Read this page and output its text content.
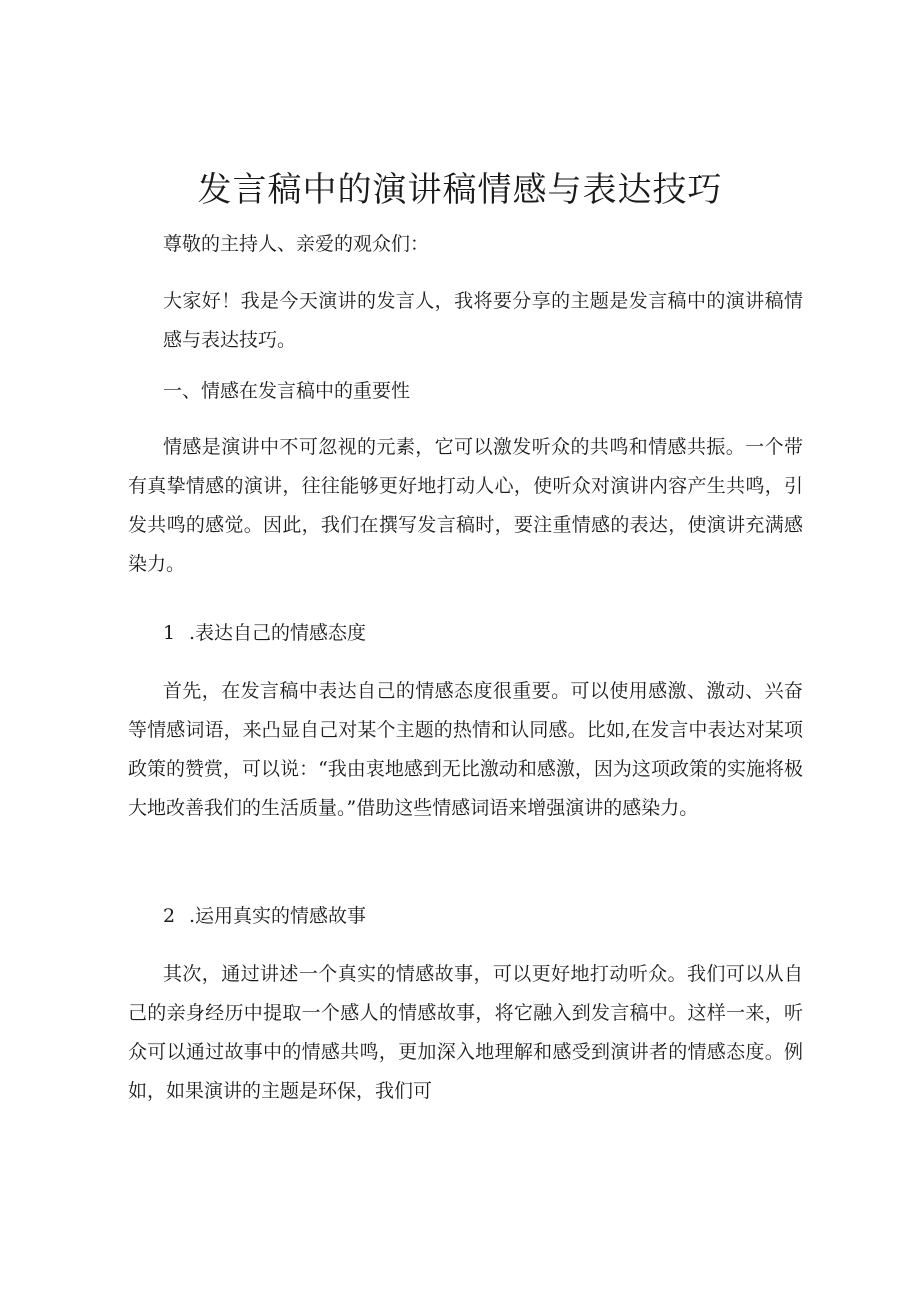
发言稿中的演讲稿情感与表达技巧

尊敬的主持人、亲爱的观众们：

大家好！我是今天演讲的发言人，我将要分享的主题是发言稿中的演讲稿情感与表达技巧。

一、情感在发言稿中的重要性

情感是演讲中不可忽视的元素，它可以激发听众的共鸣和情感共振。一个带有真挚情感的演讲，往往能够更好地打动人心，使听众对演讲内容产生共鸣，引发共鸣的感觉。因此，我们在撰写发言稿时，要注重情感的表达，使演讲充满感染力。

1 .表达自己的情感态度

首先，在发言稿中表达自己的情感态度很重要。可以使用感激、激动、兴奋等情感词语，来凸显自己对某个主题的热情和认同感。比如,在发言中表达对某项政策的赞赏，可以说：“我由衷地感到无比激动和感激，因为这项政策的实施将极大地改善我们的生活质量。”借助这些情感词语来增强演讲的感染力。

2 .运用真实的情感故事

其次，通过讲述一个真实的情感故事，可以更好地打动听众。我们可以从自己的亲身经历中提取一个感人的情感故事，将它融入到发言稿中。这样一来，听众可以通过故事中的情感共鸣，更加深入地理解和感受到演讲者的情感态度。例如，如果演讲的主题是环保，我们可
